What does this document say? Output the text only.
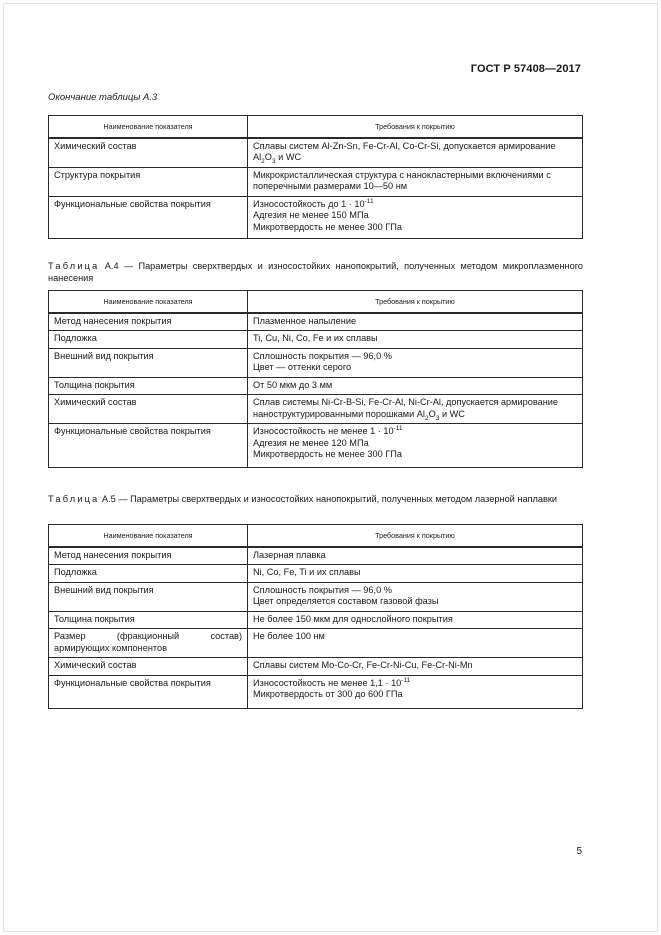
ГОСТ Р 57408—2017
Окончание таблицы А.3
Наименование показателя	Требования к покрытию
Химический состав	Сплавы систем Al-Zn-Sn, Fe-Cr-Al, Co-Cr-Si, допускается армирование $Al_2O_3$ и WC
Структура покрытия	Микрокристаллическая структура с нанокластерными включениями с поперечными размерами 10—50 нм
Функциональные свойства покрытия	Износостойкость до $1 \cdot 10^{-11}$
Адгезия не менее 150 МПа
Микротвердость не менее 300 ГПа
Таблица А.4 — Параметры сверхтвердых и износостойких нанопокрытий, полученных методом микроплазменного нанесения
Наименование показателя	Требования к покрытию
Метод нанесения покрытия	Плазменное напыление
Подложка	Ti, Cu, Ni, Co, Fe и их сплавы
Внешний вид покрытия	Сплошность покрытия — 96,0 %
Цвет — оттенки серого

Толщина покрытия	От 50 мкм до 3 мм
Химический состав	Сплав системы Ni-Cr-B-Si, Fe-Cr-Al, Ni-Cr-Al, допускается армирование наноструктурированными порошками $Al_2O_3$ и WC
Функциональные свойства покрытия	Износостойкость не менее $1 \cdot 10^{-11}$
Адгезия не менее 120 МПа
Микротвердость не менее 300 ГПа
Таблица А.5 — Параметры сверхтвердых и износостойких нанопокрытий, полученных методом лазерной наплавки
Наименование показателя	Требования к покрытию
Метод нанесения покрытия	Лазерная плавка
Подложка	Ni, Co, Fe, Ti и их сплавы
Внешний вид покрытия	Сплошность покрытия — 96,0 %
Цвет определяется составом газовой фазы

Толщина покрытия	Не более 150 мкм для однослойного покрытия
Размер (фракционный состав) армирующих компонентов	Не более 100 нм
Химический состав	Сплавы систем Mo-Co-Cr, Fe-Cr-Ni-Cu, Fe-Cr-Ni-Mn
Функциональные свойства покрытия	Износостойкость не менее $1,1 \cdot 10^{-11}$
Микротвердость от 300 до 600 ГПа
5
